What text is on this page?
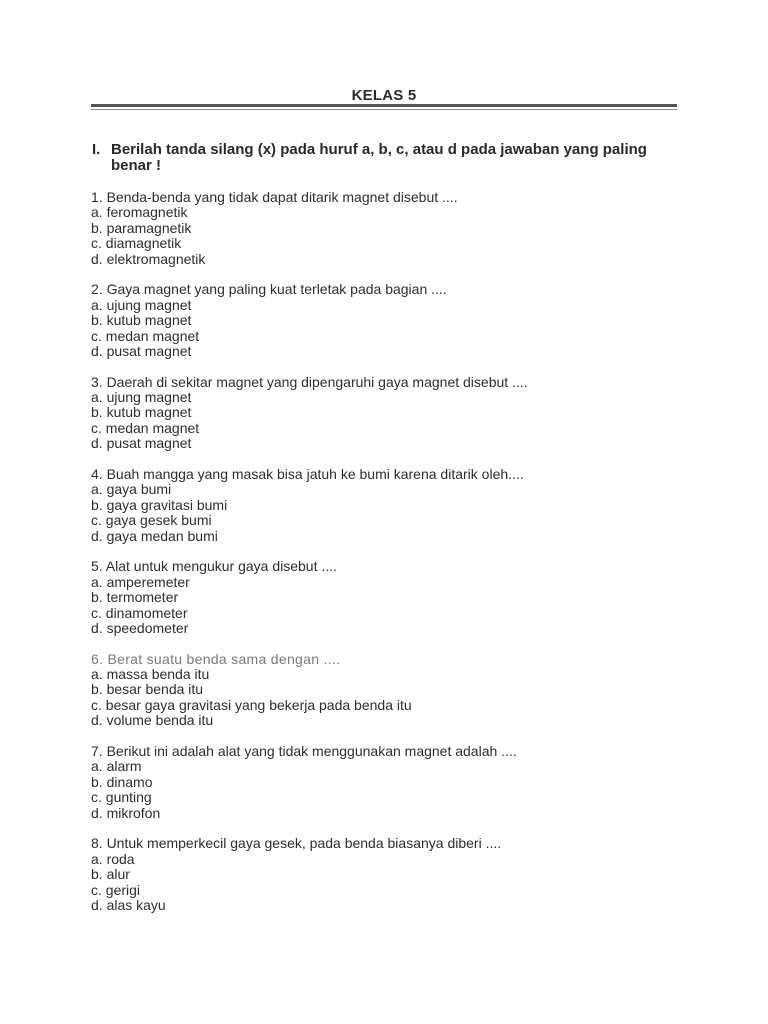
KELAS 5
I. Berilah tanda silang (x) pada huruf a, b, c, atau d pada jawaban yang paling benar !
1. Benda-benda yang tidak dapat ditarik magnet disebut ....
a. feromagnetik
b. paramagnetik
c. diamagnetik
d. elektromagnetik
2. Gaya magnet yang paling kuat terletak pada bagian ....
a. ujung magnet
b. kutub magnet
c. medan magnet
d. pusat magnet
3. Daerah di sekitar magnet yang dipengaruhi gaya magnet disebut ....
a. ujung magnet
b. kutub magnet
c. medan magnet
d. pusat magnet
4. Buah mangga yang masak bisa jatuh ke bumi karena ditarik oleh....
a. gaya bumi
b. gaya gravitasi bumi
c. gaya gesek bumi
d. gaya medan bumi
5. Alat untuk mengukur gaya disebut ....
a. amperemeter
b. termometer
c. dinamometer
d. speedometer
6. Berat suatu benda sama dengan ....
a. massa benda itu
b. besar benda itu
c. besar gaya gravitasi yang bekerja pada benda itu
d. volume benda itu
7. Berikut ini adalah alat yang tidak menggunakan magnet adalah ....
a. alarm
b. dinamo
c. gunting
d. mikrofon
8. Untuk memperkecil gaya gesek, pada benda biasanya diberi ....
a. roda
b. alur
c. gerigi
d. alas kayu
